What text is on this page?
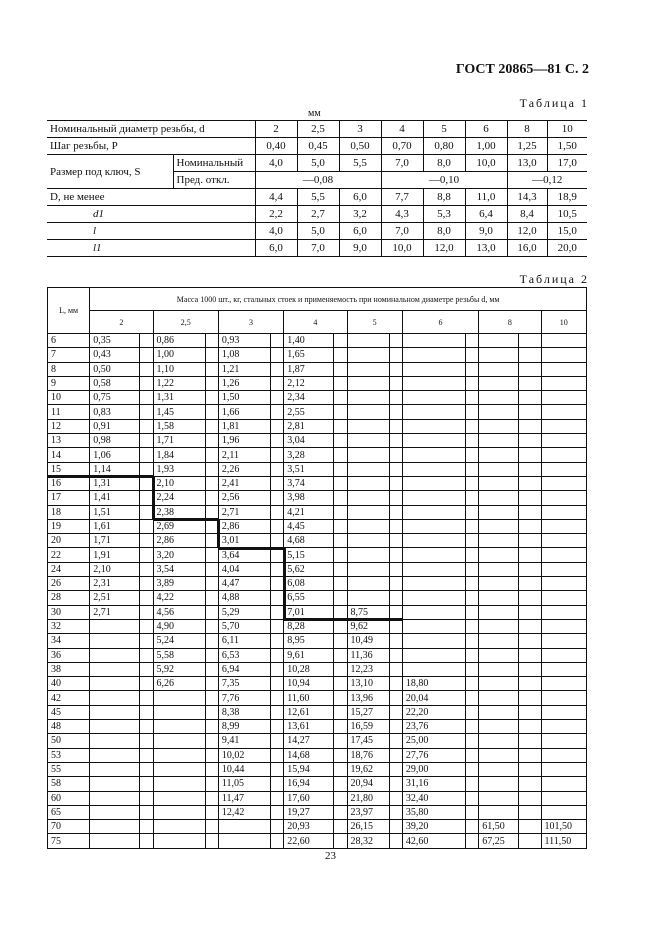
ГОСТ 20865—81 С. 2
Таблица 1
мм
Номинальный диаметр резьбы, d		2	2,5	3	4	5	6	8	10
Шаг резьбы, P		0,40	0,45	0,50	0,70	0,80	1,00	1,25	1,50
Размер под ключ, S	Номинальный	4,0	5,0	5,5	7,0	8,0	10,0	13,0	17,0
	Пред. откл.	—0,08			—0,10			—0,12	
D, не менее		4,4	5,5	6,0	7,7	8,8	11,0	14,3	18,9
d1		2,2	2,7	3,2	4,3	5,3	6,4	8,4	10,5
l		4,0	5,0	6,0	7,0	8,0	9,0	12,0	15,0
l1		6,0	7,0	9,0	10,0	12,0	13,0	16,0	20,0
Таблица 2
L, мм	Масса 1000 шт., кг, стальных стоек и применяемость при номинальном диаметре резьбы d, мм														
	2		2,5		3		4		5		6		8		10
6	0,35		0,86		0,93		1,40								
7	0,43		1,00		1,08		1,65								
8	0,50		1,10		1,21		1,87								
9	0,58		1,22		1,26		2,12								
10	0,75		1,31		1,50		2,34								
11	0,83		1,45		1,66		2,55								
12	0,91		1,58		1,81		2,81								
13	0,98		1,71		1,96		3,04								
14	1,06		1,84		2,11		3,28								
15	1,14		1,93		2,26		3,51								
16	1,31		2,10		2,41		3,74								
17	1,41		2,24		2,56		3,98								
18	1,51		2,38		2,71		4,21								
19	1,61		2,69		2,86		4,45								
20	1,71		2,86		3,01		4,68								
22	1,91		3,20		3,64		5,15								
24	2,10		3,54		4,04		5,62								
26	2,31		3,89		4,47		6,08								
28	2,51		4,22		4,88		6,55								
30	2,71		4,56		5,29		7,01		8,75						
32			4,90		5,70		8,28		9,62						
34			5,24		6,11		8,95		10,49						
36			5,58		6,53		9,61		11,36						
38			5,92		6,94		10,28		12,23						
40			6,26		7,35		10,94		13,10		18,80				
42					7,76		11,60		13,96		20,04				
45					8,38		12,61		15,27		22,20				
48					8,99		13,61		16,59		23,76				
50					9,41		14,27		17,45		25,00				
53					10,02		14,68		18,76		27,76				
55					10,44		15,94		19,62		29,00				
58					11,05		16,94		20,94		31,16				
60					11,47		17,60		21,80		32,40				
65					12,42		19,27		23,97		35,80				
70							20,93		26,15		39,20		61,50		101,50
75							22,60		28,32		42,60		67,25		111,50
23
